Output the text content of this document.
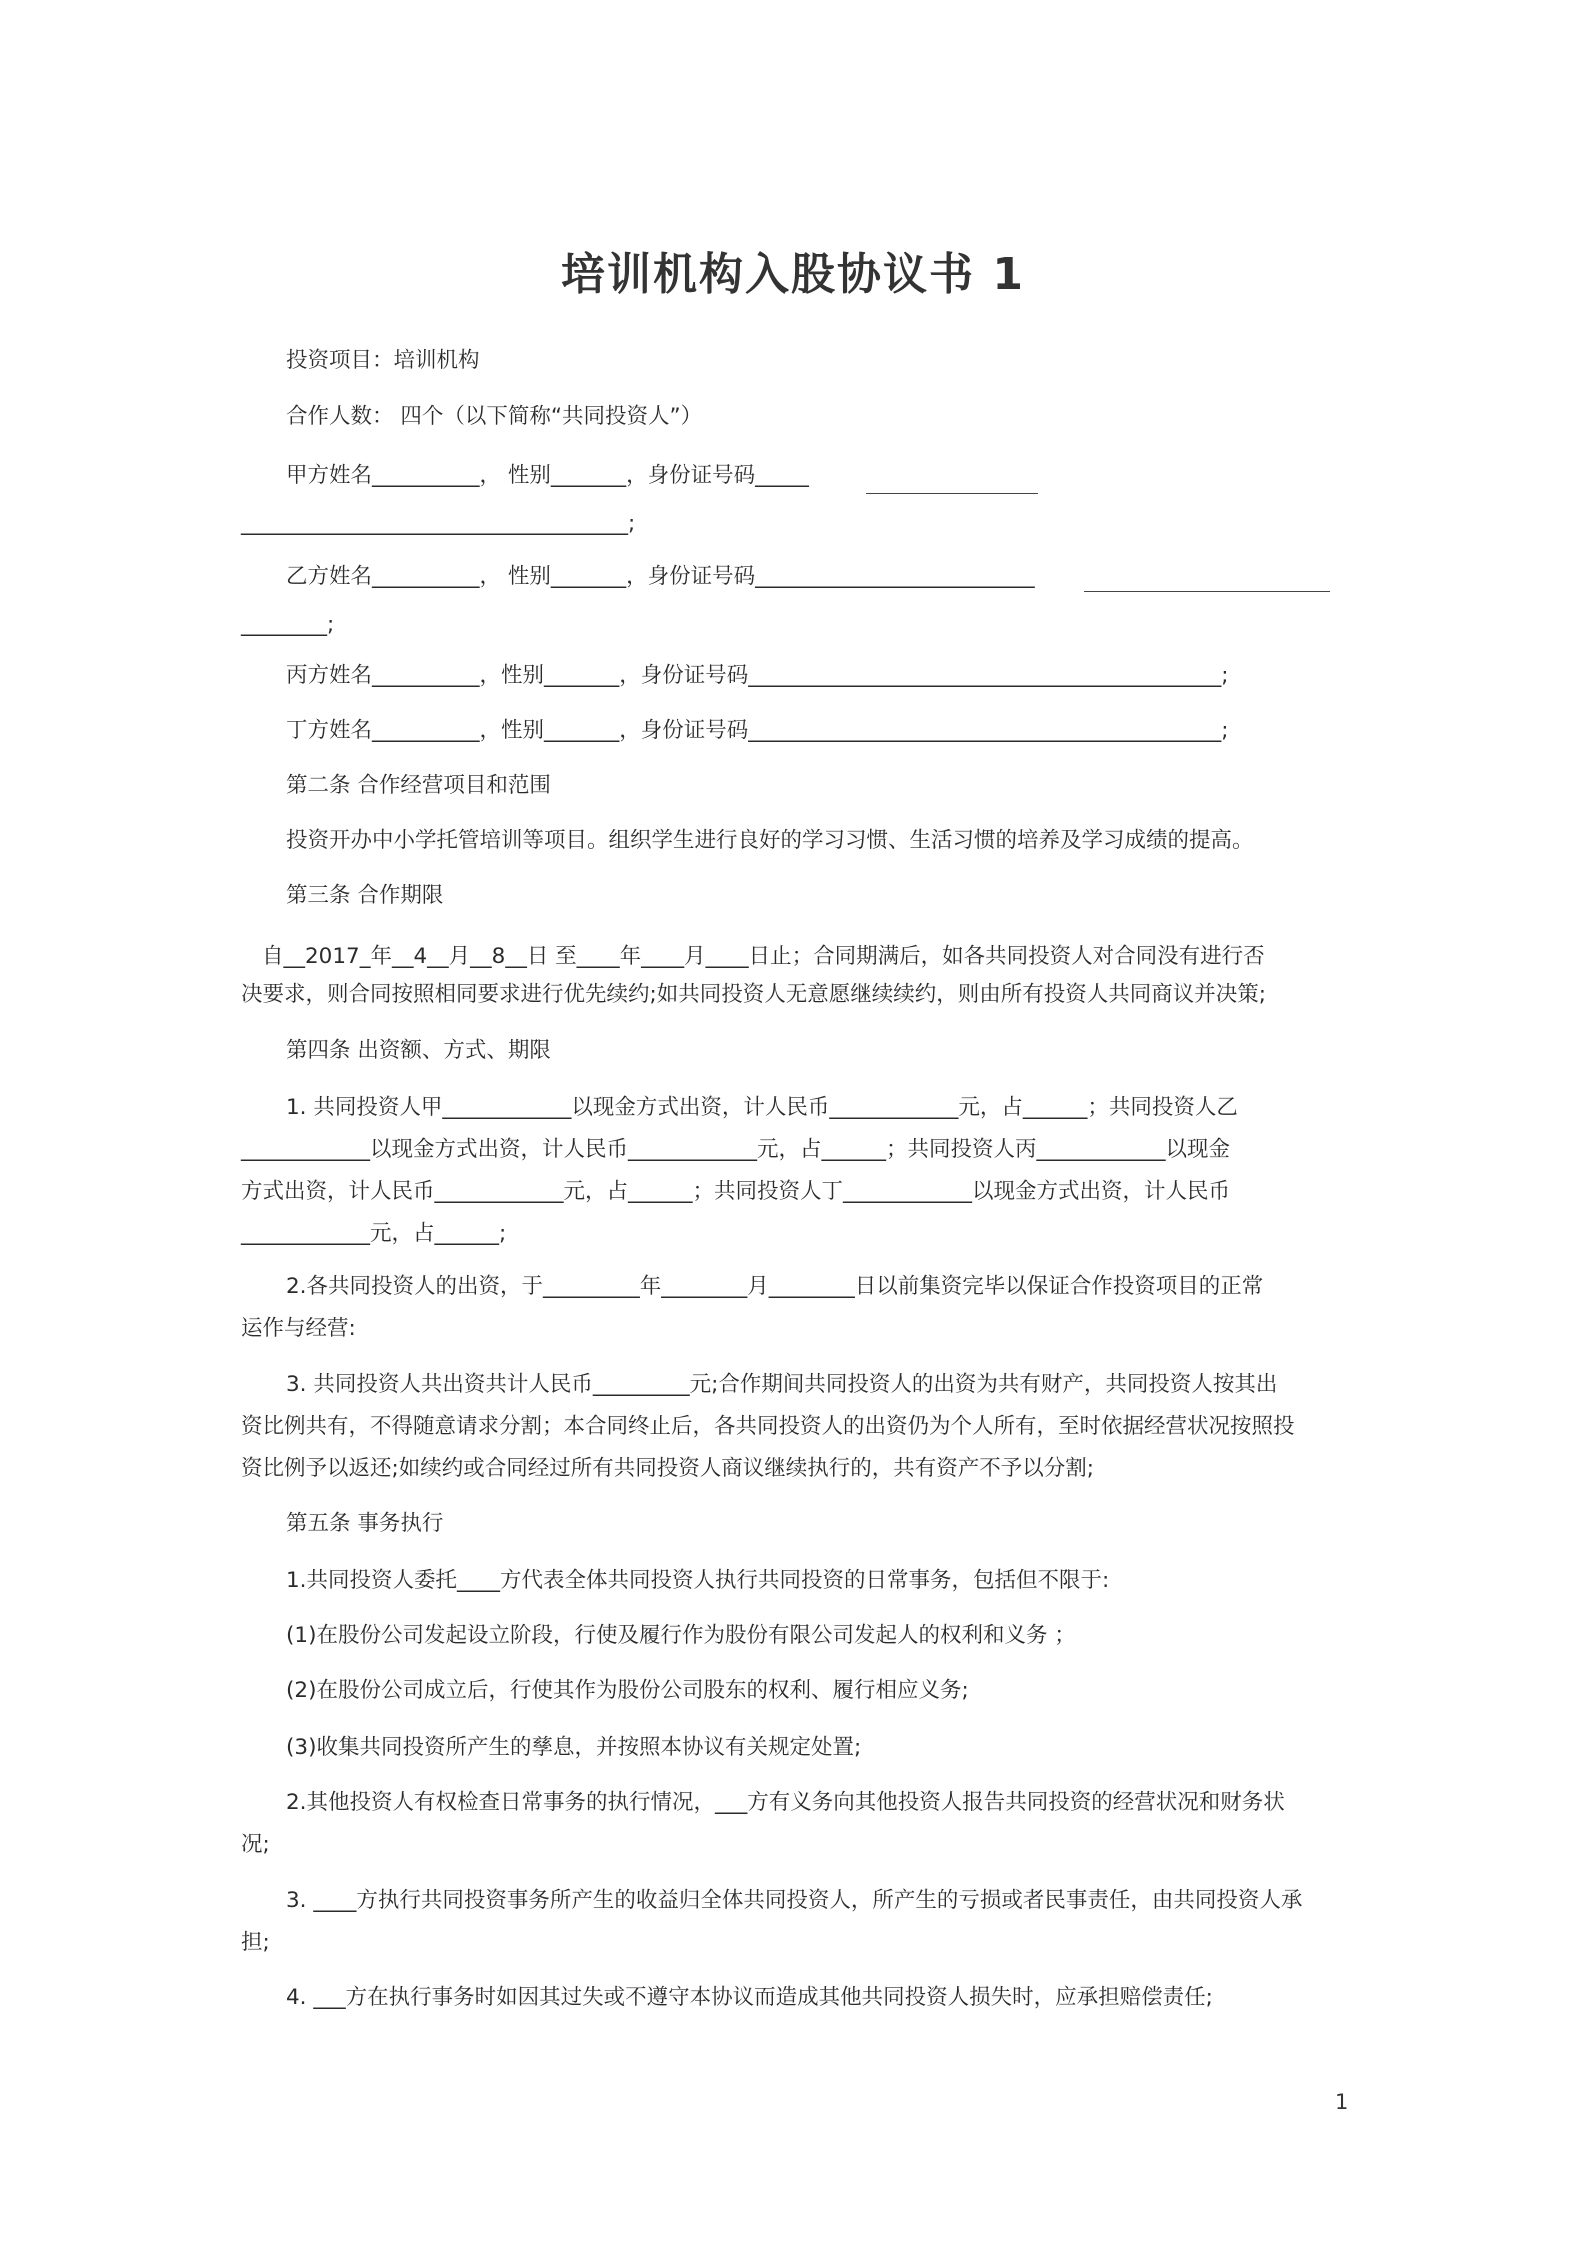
培训机构入股协议书 1
投资项目：培训机构
合作人数： 四个（以下简称“共同投资人”）
甲方姓名__________， 性别_______，身份证号码_____
____________________________________;
乙方姓名__________， 性别_______，身份证号码__________________________
________;
丙方姓名__________，性别_______，身份证号码____________________________________________;
丁方姓名__________，性别_______，身份证号码____________________________________________;
第二条 合作经营项目和范围
投资开办中小学托管培训等项目。组织学生进行良好的学习习惯、生活习惯的培养及学习成绩的提高。
第三条 合作期限
自__2017_年__4__月__8__日 至____年____月____日止；合同期满后，如各共同投资人对合同没有进行否
决要求，则合同按照相同要求进行优先续约;如共同投资人无意愿继续续约，则由所有投资人共同商议并决策;
第四条 出资额、方式、期限
1. 共同投资人甲____________以现金方式出资，计人民币____________元，占______；共同投资人乙
____________以现金方式出资，计人民币____________元，占______；共同投资人丙____________以现金
方式出资，计人民币____________元，占______；共同投资人丁____________以现金方式出资，计人民币
____________元，占______;
2.各共同投资人的出资，于_________年________月________日以前集资完毕以保证合作投资项目的正常
运作与经营:
3. 共同投资人共出资共计人民币_________元;合作期间共同投资人的出资为共有财产，共同投资人按其出
资比例共有，不得随意请求分割；本合同终止后，各共同投资人的出资仍为个人所有，至时依据经营状况按照投
资比例予以返还;如续约或合同经过所有共同投资人商议继续执行的，共有资产不予以分割;
第五条 事务执行
1.共同投资人委托____方代表全体共同投资人执行共同投资的日常事务，包括但不限于:
(1)在股份公司发起设立阶段，行使及履行作为股份有限公司发起人的权利和义务 ；
(2)在股份公司成立后，行使其作为股份公司股东的权利、履行相应义务;
(3)收集共同投资所产生的孳息，并按照本协议有关规定处置;
2.其他投资人有权检查日常事务的执行情况，___方有义务向其他投资人报告共同投资的经营状况和财务状
况;
3. ____方执行共同投资事务所产生的收益归全体共同投资人，所产生的亏损或者民事责任，由共同投资人承
担;
4. ___方在执行事务时如因其过失或不遵守本协议而造成其他共同投资人损失时，应承担赔偿责任;
1
